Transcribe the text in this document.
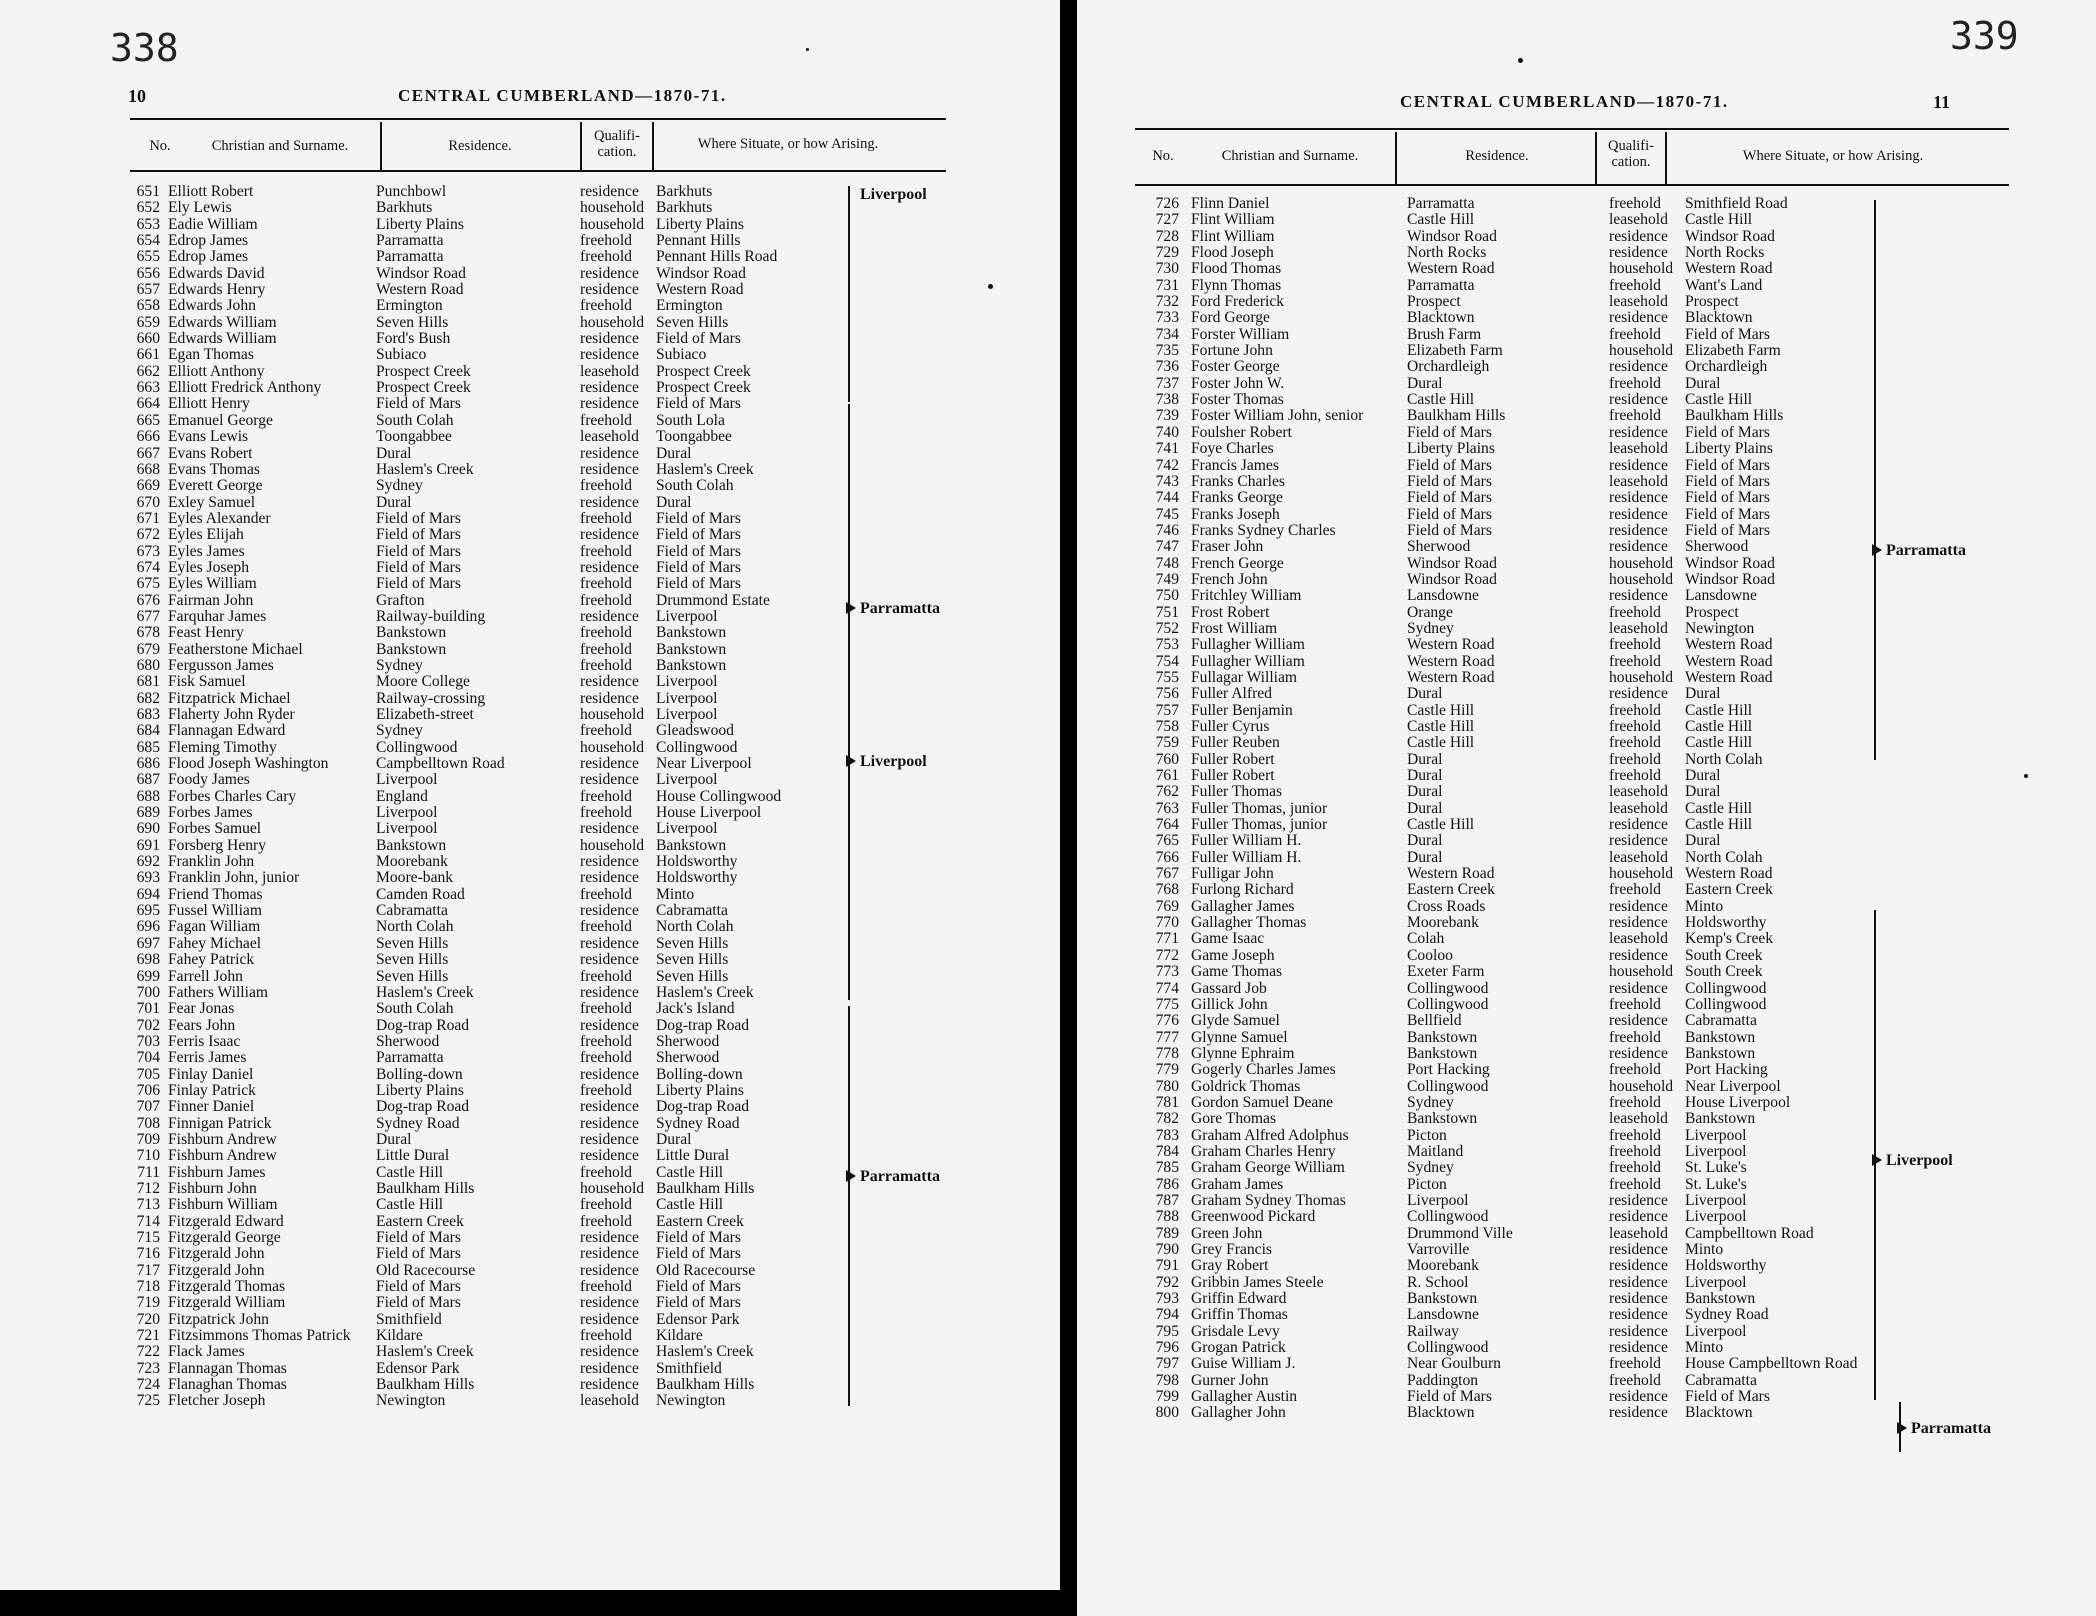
338
10	CENTRAL CUMBERLAND—1870-71.
No.	Christian and Surname.	Residence.
Qualifi- cation.	Where Situate, or how Arising.
651 Elliott Robert	Punchbowl	residence	Barkhuts
652 Ely Lewis	Barkhuts	household Barkhuts
653 Eadie William	Liberty Plains	household Liberty Plains
654 Edrop James	Parramatta	freehold	Pennant Hills
655 Edrop James	Parramatta	freehold	Pennant Hills Road
656 Edwards David	Windsor Road	residence	Windsor Road
657 Edwards Henry	Western Road	residence	Western Road
658 Edwards John	Ermington	freehold	Ermington
659 Edwards William	Seven Hills	household Seven Hills
660 Edwards William	Ford's Bush	residence	Field of Mars
661 Egan Thomas	Subiaco	residence	Subiaco
662 Elliott Anthony	Prospect Creek	leasehold	Prospect Creek
663 Elliott Fredrick Anthony	Prospect Creek	residence	Prospect Creek
664 Elliott Henry	Field of Mars	residence	Field of Mars
665 Emanuel George	South Colah	freehold	South Lola
666 Evans Lewis	Toongabbee	leasehold	Toongabbee
667 Evans Robert	Dural	residence	Dural
668 Evans Thomas	Haslem's Creek	residence	Haslem's Creek
669 Everett George	Sydney	freehold	South Colah
670 Exley Samuel	Dural	residence	Dural
671 Eyles Alexander	Field of Mars	freehold	Field of Mars
672 Eyles Elijah	Field of Mars	residence	Field of Mars
673 Eyles James	Field of Mars	freehold	Field of Mars
674 Eyles Joseph	Field of Mars	residence	Field of Mars
675 Eyles William	Field of Mars	freehold	Field of Mars
676 Fairman John	Grafton	freehold	Drummond Estate
677 Farquhar James	Railway-building	residence	Liverpool
678 Feast Henry	Bankstown	freehold	Bankstown
679 Featherstone Michael	Bankstown	freehold	Bankstown
680 Fergusson James	Sydney	freehold	Bankstown
681 Fisk Samuel	Moore College	residence	Liverpool
682 Fitzpatrick Michael	Railway-crossing	residence	Liverpool
683 Flaherty John Ryder	Elizabeth-street	household Liverpool
684 Flannagan Edward	Sydney	freehold	Gleadswood
685 Fleming Timothy	Collingwood	household Collingwood
686 Flood Joseph Washington	Campbelltown Road	residence	Near Liverpool
687 Foody James	Liverpool	residence	Liverpool
688 Forbes Charles Cary	England	freehold	House Collingwood
689 Forbes James	Liverpool	freehold	House Liverpool
690 Forbes Samuel	Liverpool	residence	Liverpool
691 Forsberg Henry	Bankstown	household Bankstown
692 Franklin John	Moorebank	residence	Holdsworthy
693 Franklin John, junior	Moore-bank	residence	Holdsworthy
694 Friend Thomas	Camden Road	freehold	Minto
695 Fussel William	Cabramatta	residence	Cabramatta
696 Fagan William	North Colah	freehold	North Colah
697 Fahey Michael	Seven Hills	residence	Seven Hills
698 Fahey Patrick	Seven Hills	residence	Seven Hills
699 Farrell John	Seven Hills	freehold	Seven Hills
700 Fathers William	Haslem's Creek	residence	Haslem's Creek
701 Fear Jonas	South Colah	freehold	Jack's Island
702 Fears John	Dog-trap Road	residence	Dog-trap Road
703 Ferris Isaac	Sherwood	freehold	Sherwood
704 Ferris James	Parramatta	freehold	Sherwood
705 Finlay Daniel	Bolling-down	residence	Bolling-down
706 Finlay Patrick	Liberty Plains	freehold	Liberty Plains
707 Finner Daniel	Dog-trap Road	residence	Dog-trap Road
708 Finnigan Patrick	Sydney Road	residence	Sydney Road
709 Fishburn Andrew	Dural	residence	Dural
710 Fishburn Andrew	Little Dural	residence	Little Dural
711 Fishburn James	Castle Hill	freehold	Castle Hill
712 Fishburn John	Baulkham Hills	household Baulkham Hills
713 Fishburn William	Castle Hill	freehold	Castle Hill
714 Fitzgerald Edward	Eastern Creek	freehold	Eastern Creek
715 Fitzgerald George	Field of Mars	residence	Field of Mars
716 Fitzgerald John	Field of Mars	residence	Field of Mars
717 Fitzgerald John	Old Racecourse	residence	Old Racecourse
718 Fitzgerald Thomas	Field of Mars	freehold	Field of Mars
719 Fitzgerald William	Field of Mars	residence	Field of Mars
720 Fitzpatrick John	Smithfield	residence	Edensor Park
721 Fitzsimmons Thomas Patrick	Kildare	freehold	Kildare
722 Flack James	Haslem's Creek	residence	Haslem's Creek
723 Flannagan Thomas	Edensor Park	residence	Smithfield
724 Flanaghan Thomas	Baulkham Hills	residence	Baulkham Hills
725 Fletcher Joseph	Newington	leasehold	Newington
Liverpool
Parramatta
Liverpool
Parramatta
339
11
CENTRAL CUMBERLAND—1870-71.
No.	Christian and Surname.	Residence.
Qualifi- cation.	Where Situate, or how Arising.
726 Flinn Daniel	Parramatta	freehold	Smithfield Road
727 Flint William	Castle Hill	leasehold	Castle Hill
728 Flint William	Windsor Road	residence	Windsor Road
729 Flood Joseph	North Rocks	residence	North Rocks
730 Flood Thomas	Western Road	household Western Road
731 Flynn Thomas	Parramatta	freehold	Want's Land
732 Ford Frederick	Prospect	leasehold	Prospect
733 Ford George	Blacktown	residence	Blacktown
734 Forster William	Brush Farm	freehold	Field of Mars
735 Fortune John	Elizabeth Farm	household Elizabeth Farm
736 Foster George	Orchardleigh	residence	Orchardleigh
737 Foster John W.	Dural	freehold	Dural
738 Foster Thomas	Castle Hill	residence	Castle Hill
739 Foster William John, senior	Baulkham Hills	freehold	Baulkham Hills
740 Foulsher Robert	Field of Mars	residence	Field of Mars
741 Foye Charles	Liberty Plains	leasehold	Liberty Plains
742 Francis James	Field of Mars	residence	Field of Mars
743 Franks Charles	Field of Mars	leasehold	Field of Mars
744 Franks George	Field of Mars	residence	Field of Mars
745 Franks Joseph	Field of Mars	residence	Field of Mars
746 Franks Sydney Charles	Field of Mars	residence	Field of Mars
747 Fraser John	Sherwood	residence	Sherwood
748 French George	Windsor Road	household Windsor Road
749 French John	Windsor Road	household Windsor Road
750 Fritchley William	Lansdowne	residence	Lansdowne
751 Frost Robert	Orange	freehold	Prospect
752 Frost William	Sydney	leasehold	Newington
753 Fullagher William	Western Road	freehold	Western Road
754 Fullagher William	Western Road	freehold	Western Road
755 Fullagar William	Western Road	household Western Road
756 Fuller Alfred	Dural	residence	Dural
757 Fuller Benjamin	Castle Hill	freehold	Castle Hill
758 Fuller Cyrus	Castle Hill	freehold	Castle Hill
759 Fuller Reuben	Castle Hill	freehold	Castle Hill
760 Fuller Robert	Dural	freehold	North Colah
761 Fuller Robert	Dural	freehold	Dural
762 Fuller Thomas	Dural	leasehold	Dural
763 Fuller Thomas, junior	Dural	leasehold	Castle Hill
764 Fuller Thomas, junior	Castle Hill	residence	Castle Hill
765 Fuller William H.	Dural	residence	Dural
766 Fuller William H.	Dural	leasehold	North Colah
767 Fulligar John	Western Road	household Western Road
768 Furlong Richard	Eastern Creek	freehold	Eastern Creek
769 Gallagher James	Cross Roads	residence	Minto
770 Gallagher Thomas	Moorebank	residence	Holdsworthy
771 Game Isaac	Colah	leasehold	Kemp's Creek
772 Game Joseph	Cooloo	residence	South Creek
773 Game Thomas	Exeter Farm	household South Creek
774 Gassard Job	Collingwood	residence	Collingwood
775 Gillick John	Collingwood	freehold	Collingwood
776 Glyde Samuel	Bellfield	residence	Cabramatta
777 Glynne Samuel	Bankstown	freehold	Bankstown
778 Glynne Ephraim	Bankstown	residence	Bankstown
779 Gogerly Charles James	Port Hacking	freehold	Port Hacking
780 Goldrick Thomas	Collingwood	household Near Liverpool
781 Gordon Samuel Deane	Sydney	freehold	House Liverpool
782 Gore Thomas	Bankstown	leasehold	Bankstown
783 Graham Alfred Adolphus	Picton	freehold	Liverpool
784 Graham Charles Henry	Maitland	freehold	Liverpool
785 Graham George William	Sydney	freehold	St. Luke's
786 Graham James	Picton	freehold	St. Luke's
787 Graham Sydney Thomas	Liverpool	residence	Liverpool
788 Greenwood Pickard	Collingwood	residence	Liverpool
789 Green John	Drummond Ville	leasehold	Campbelltown Road
790 Grey Francis	Varroville	residence	Minto
791 Gray Robert	Moorebank	residence	Holdsworthy
792 Gribbin James Steele	R. School	residence	Liverpool
793 Griffin Edward	Bankstown	residence	Bankstown
794 Griffin Thomas	Lansdowne	residence	Sydney Road
795 Grisdale Levy	Railway	residence	Liverpool
796 Grogan Patrick	Collingwood	residence	Minto
797 Guise William J.	Near Goulburn	freehold	House Campbelltown Road
798 Gurner John	Paddington	freehold	Cabramatta
799 Gallagher Austin	Field of Mars	residence	Field of Mars
800 Gallagher John	Blacktown	residence	Blacktown
Parramatta
Liverpool
Parramatta
